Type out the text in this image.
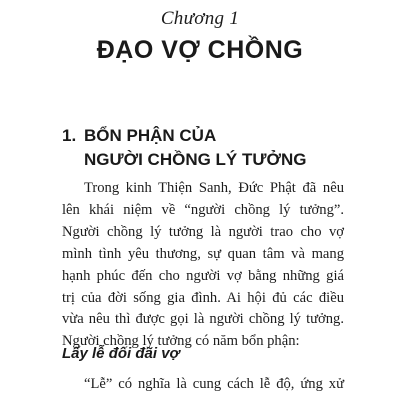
Chương 1
ĐẠO VỢ CHỒNG
1. BỔN PHẬN CỦA
NGƯỜI CHỒNG LÝ TƯỞNG
Trong kinh Thiện Sanh, Đức Phật đã nêu
lên khái niệm về “người chồng lý tưởng”.
Người chồng lý tưởng là người trao cho vợ
mình tình yêu thương, sự quan tâm và mang
hạnh phúc đến cho người vợ bằng những giá
trị của đời sống gia đình. Ai hội đủ các điều
vừa nêu thì được gọi là người chồng lý tưởng.
Người chồng lý tưởng có năm bổn phận:
Lấy lễ đối đãi vợ
“Lễ” có nghĩa là cung cách lễ độ, ứng xử
